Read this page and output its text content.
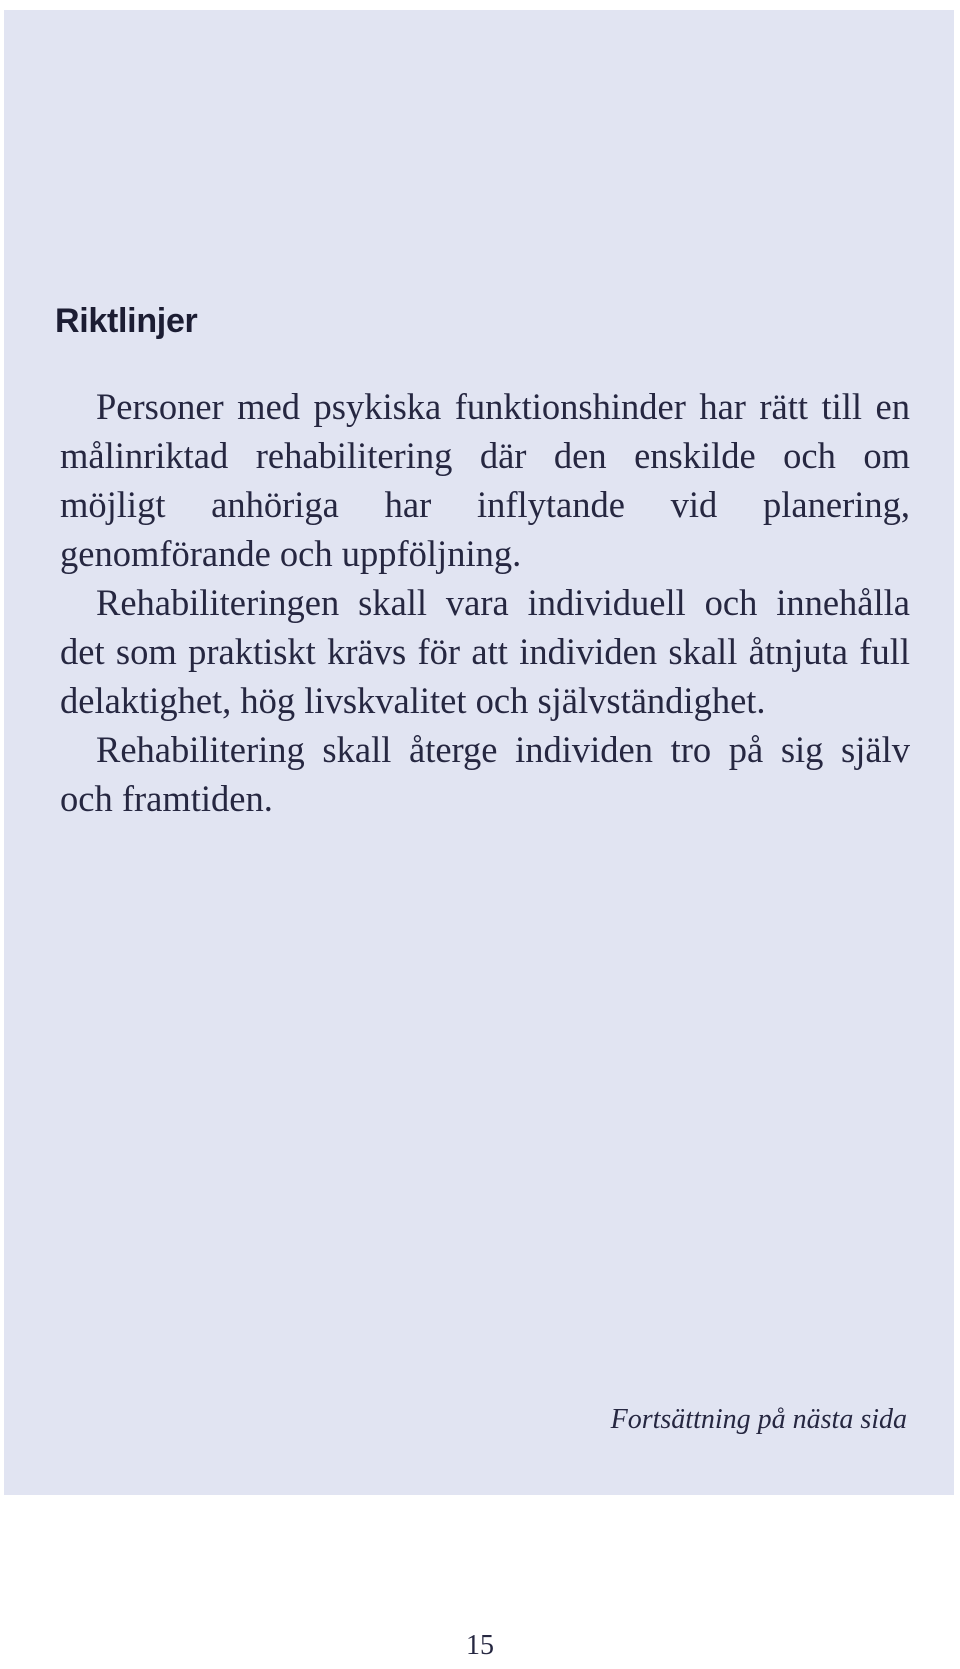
Riktlinjer

Personer med psykiska funktionshinder har rätt till en målinriktad rehabilitering där den enskilde och om möjligt anhöriga har inflytande vid planering, genomförande och uppföljning.

Rehabiliteringen skall vara individuell och innehålla det som praktiskt krävs för att individen skall åtnjuta full delaktighet, hög livskvalitet och självständighet.

Rehabilitering skall återge individen tro på sig själv och framtiden.

Fortsättning på nästa sida

15
